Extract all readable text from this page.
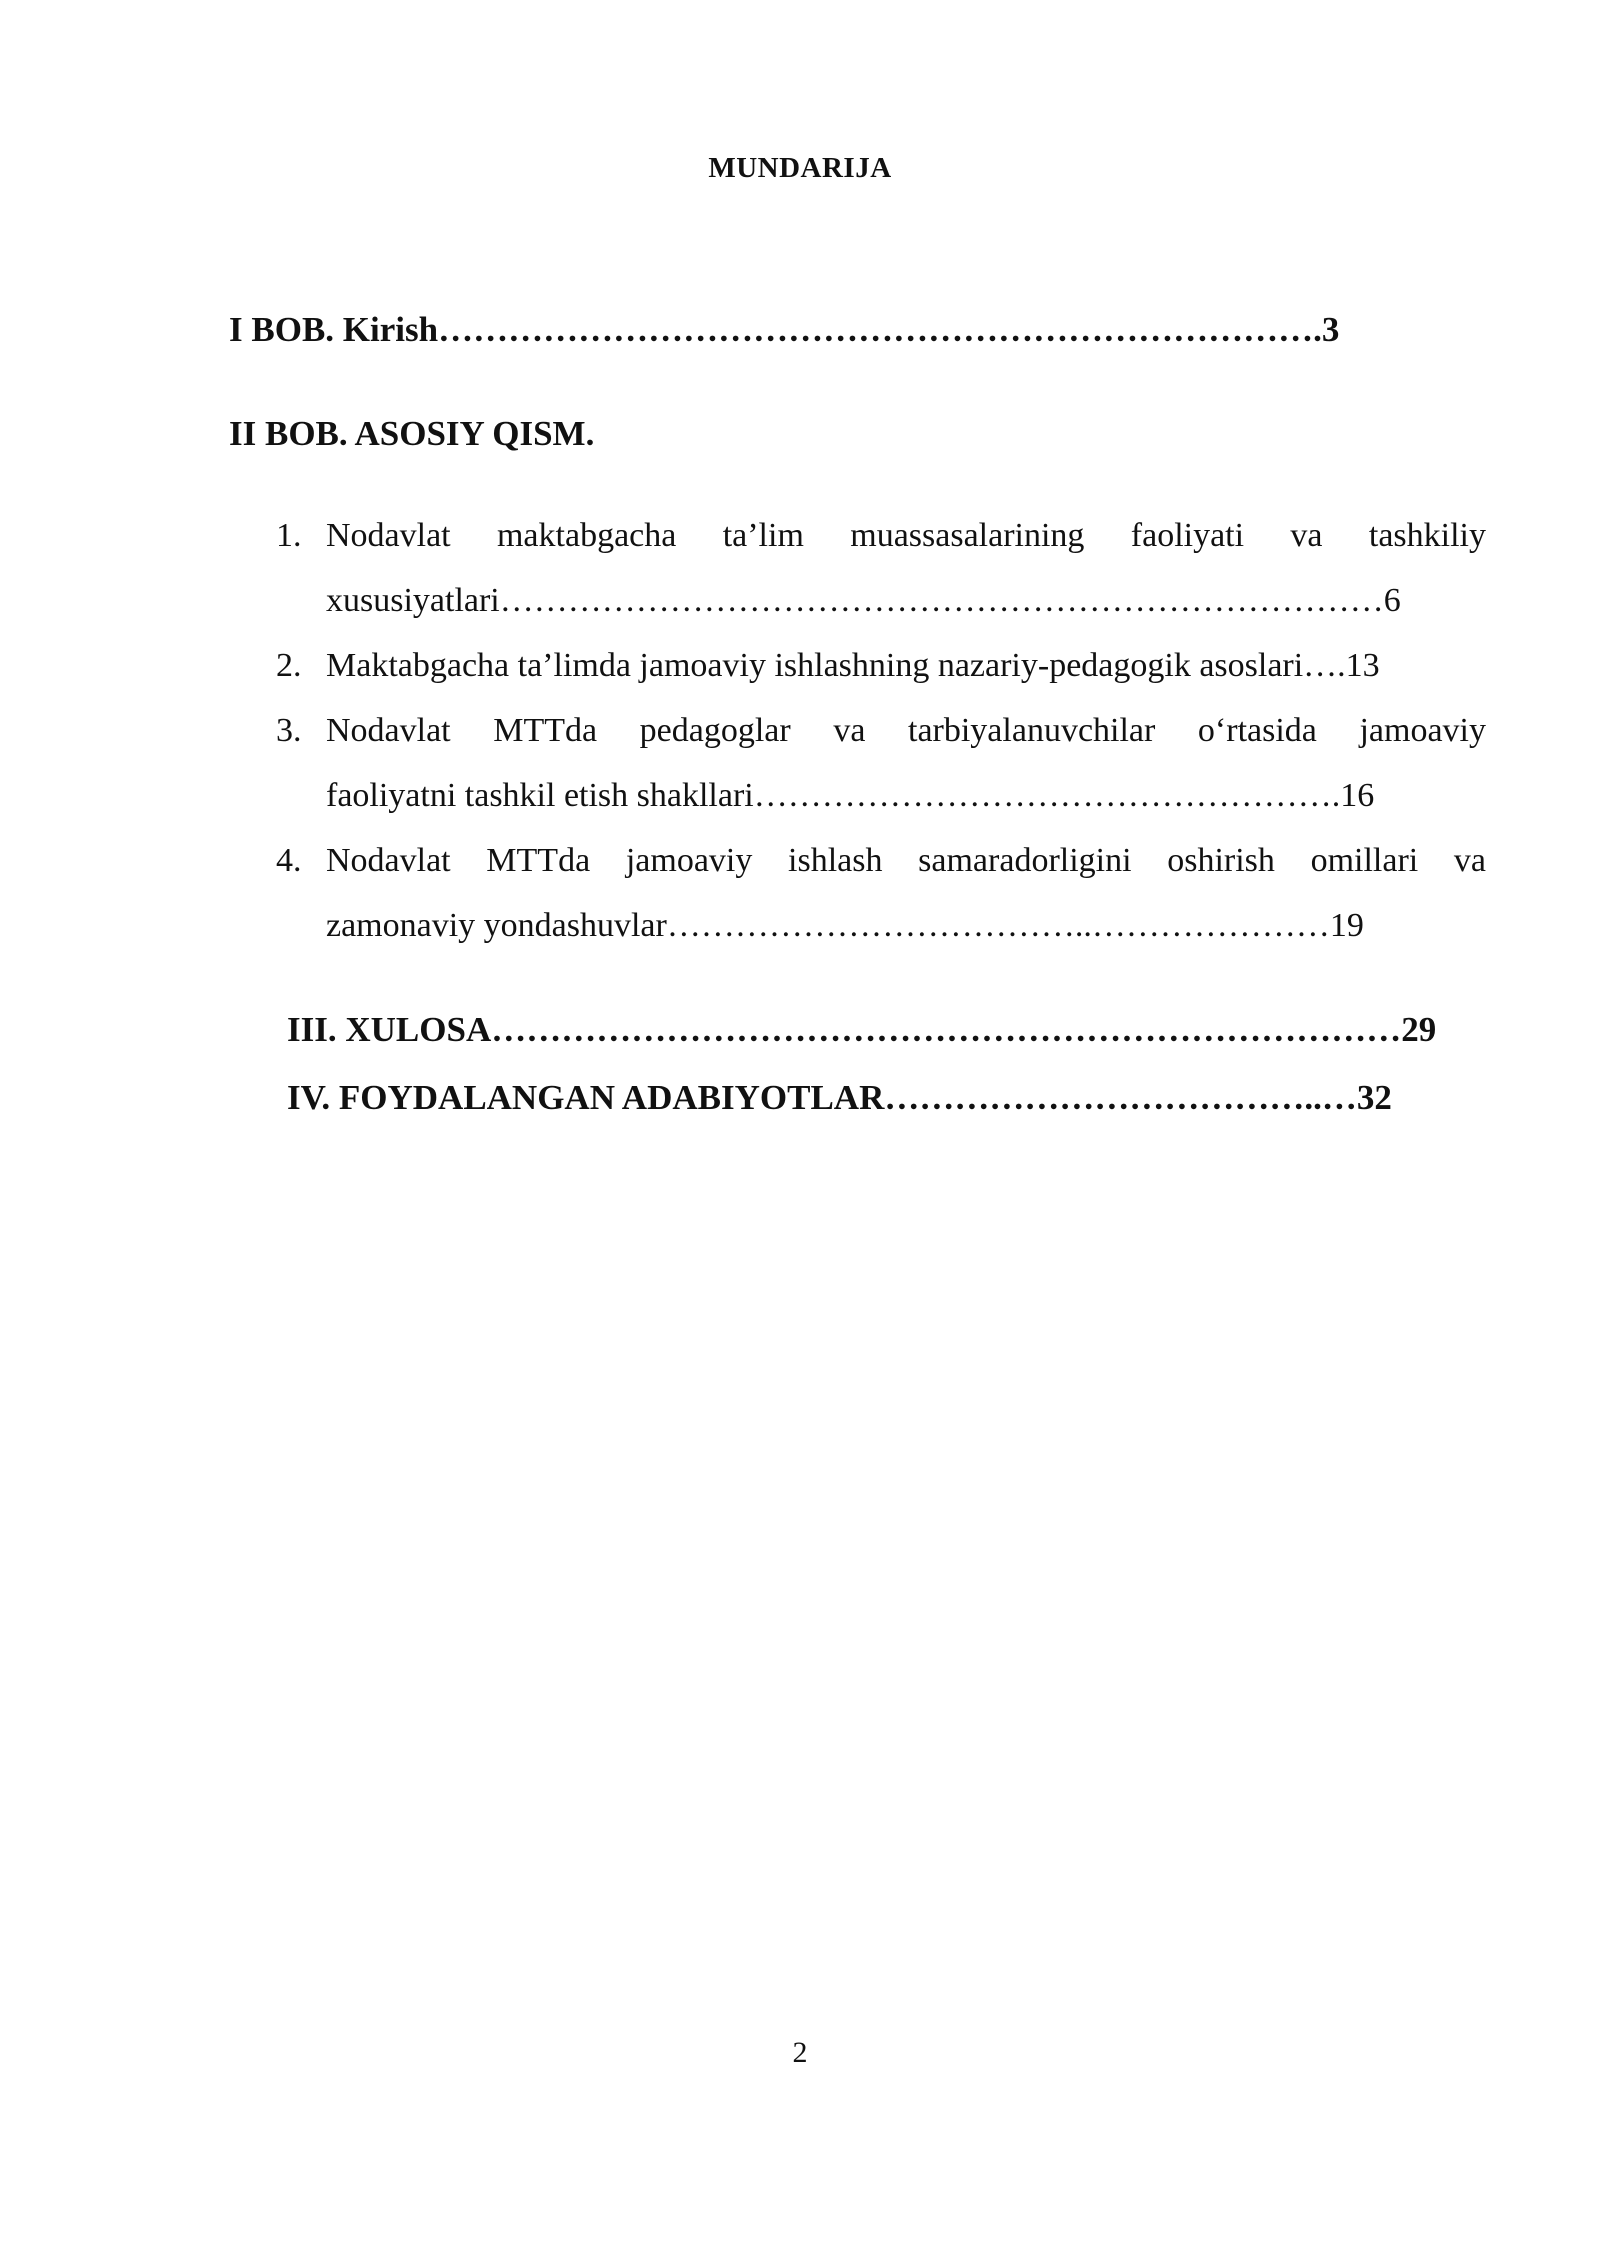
MUNDARIJA
I BOB. Kirish………………………………………………………………….3
II BOB. ASOSIY QISM.
1. Nodavlat maktabgacha ta’lim muassasalarining faoliyati va tashkiliy
xususiyatlari……………………………………………………………………6
2. Maktabgacha ta’limda jamoaviy ishlashning nazariy-pedagogik asoslari….13
3. Nodavlat MTTda pedagoglar va tarbiyalanuvchilar o‘rtasida jamoaviy
faoliyatni tashkil etish shakllari…………………………………………….16
4. Nodavlat MTTda jamoaviy ishlash samaradorligini oshirish omillari va
zamonaviy yondashuvlar………………………………..…………………19
III. XULOSA……………………………………………………………………29
IV. FOYDALANGAN ADABIYOTLAR………………………………..…32
2
